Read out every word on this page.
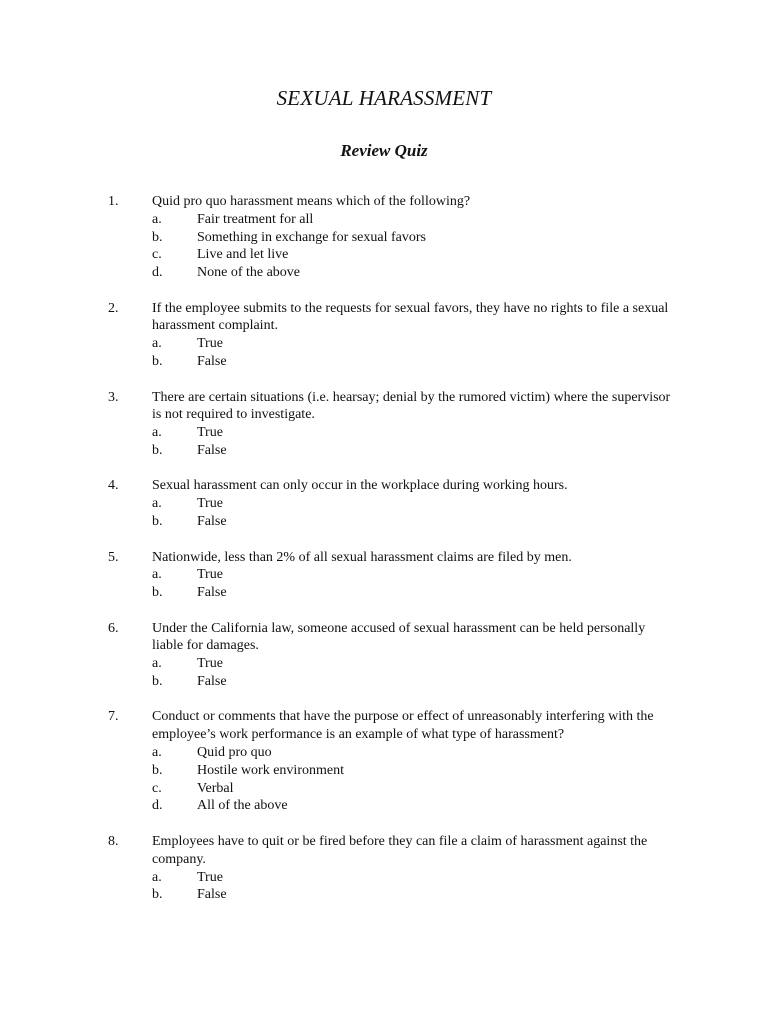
SEXUAL HARASSMENT
Review Quiz
1. Quid pro quo harassment means which of the following?
a.	Fair treatment for all
b. Something in exchange for sexual favors
c.	Live and let live
d. None of the above
2. If the employee submits to the requests for sexual favors, they have no rights to file a sexual harassment complaint.
a.	True
b. False
3. There are certain situations (i.e. hearsay; denial by the rumored victim) where the supervisor is not required to investigate.
a.	True
b. False
4. Sexual harassment can only occur in the workplace during working hours.
a.	True
b. False
5. Nationwide, less than 2% of all sexual harassment claims are filed by men.
a.	True
b. False
6. Under the California law, someone accused of sexual harassment can be held personally liable for damages.
a.	True
b. False
7. Conduct or comments that have the purpose or effect of unreasonably interfering with the employee’s work performance is an example of what type of harassment?
a.	Quid pro quo
b. Hostile work environment
c.	Verbal
d. All of the above
8. Employees have to quit or be fired before they can file a claim of harassment against the company.
a.	True
b. False
